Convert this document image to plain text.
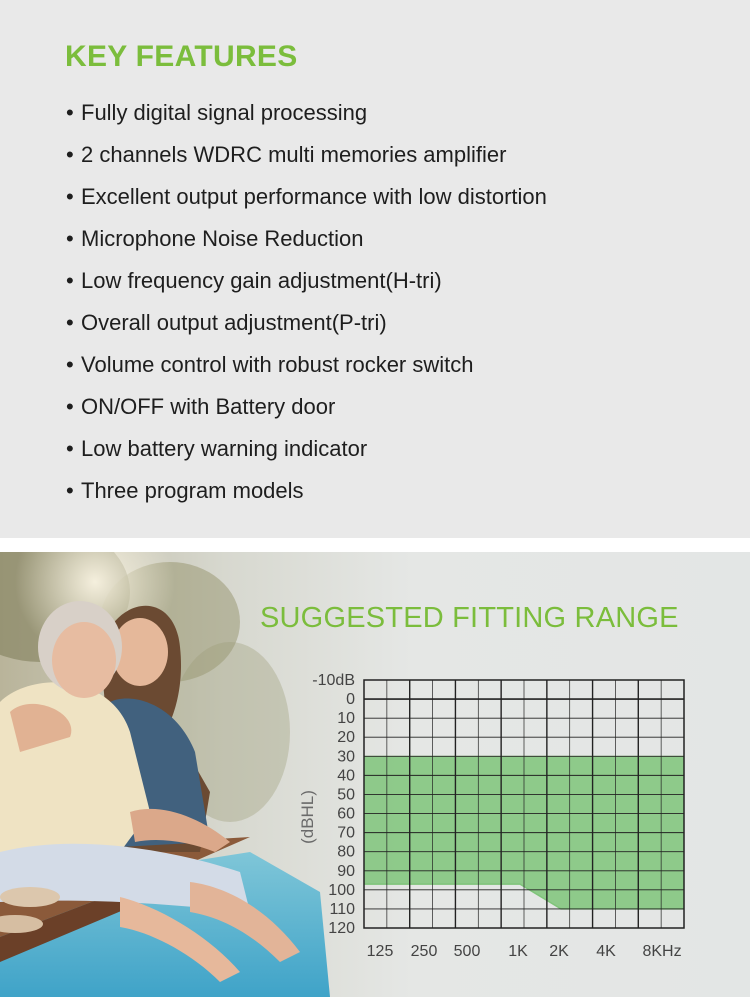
KEY FEATURES
• Fully digital signal processing
• 2 channels WDRC multi memories amplifier
• Excellent output performance with low distortion
• Microphone Noise Reduction
• Low frequency gain adjustment(H-tri)
• Overall output adjustment(P-tri)
• Volume control with robust rocker switch
• ON/OFF with Battery door
• Low battery warning indicator
• Three program models
SUGGESTED FITTING RANGE
-10dB
0
10
20
30
40
50
60
70
80
90
100
110
120
125 250 500 1K 2K 4K 8KHz
(dBHL)
